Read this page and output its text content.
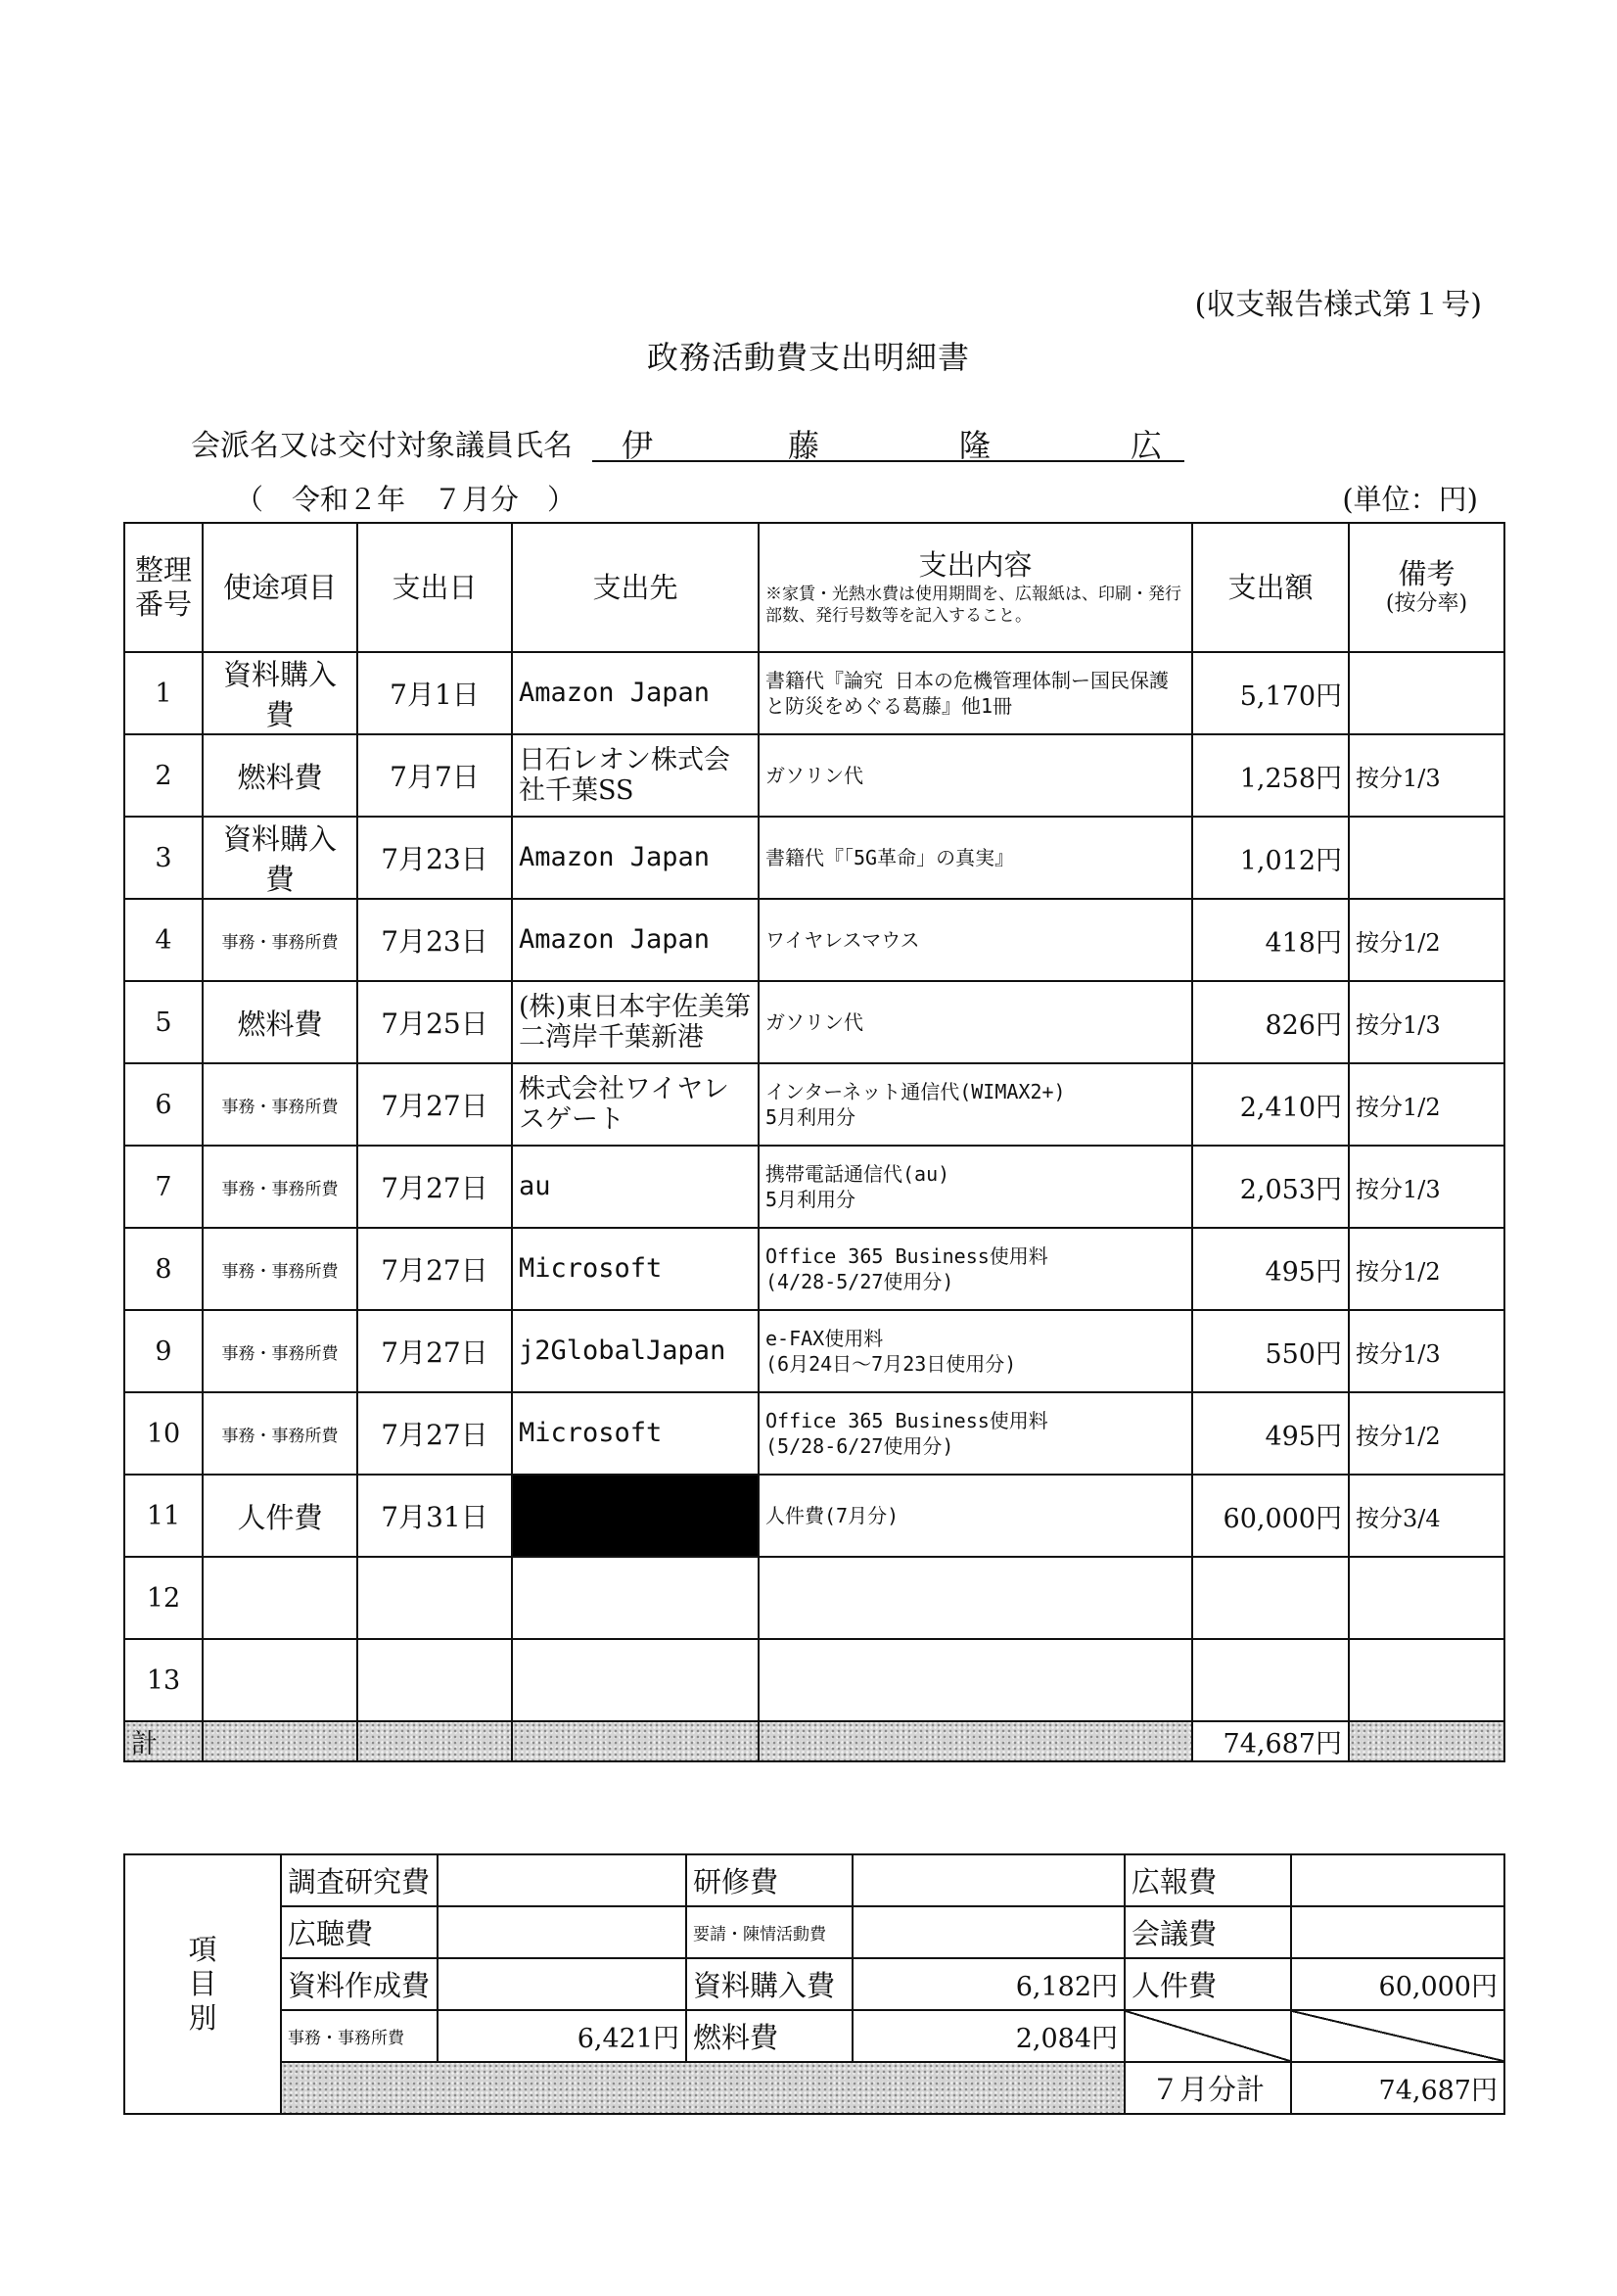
(収支報告様式第１号)
政務活動費支出明細書
会派名又は交付対象議員氏名 伊	藤	隆	広
（　令和２年　７月分　）	(単位：円)
整理番号	使途項目	支出日	支出先	支出内容
※家賃・光熱水費は使用期間を、広報紙は、印刷・発行部数、発行号数等を記入すること。	支出額	備考
(按分率)

1	資料購入費	7月1日	Amazon Japan	書籍代『論究 日本の危機管理体制ー国民保護と防災をめぐる葛藤』他1冊	5,170円	
2	燃料費	7月7日	日石レオン株式会社千葉SS	ガソリン代	1,258円	按分1/3
3	資料購入費	7月23日	Amazon Japan	書籍代『「5G革命」の真実』	1,012円	
4	事務・事務所費	7月23日	Amazon Japan	ワイヤレスマウス	418円	按分1/2
5	燃料費	7月25日	(株)東日本宇佐美第二湾岸千葉新港	ガソリン代	826円	按分1/3
6	事務・事務所費	7月27日	株式会社ワイヤレスゲート	インターネット通信代(WIMAX2+)
5月利用分	2,410円	按分1/2
7	事務・事務所費	7月27日	au	携帯電話通信代(au)
5月利用分	2,053円	按分1/3
8	事務・事務所費	7月27日	Microsoft	Office 365 Business使用料
(4/28-5/27使用分)	495円	按分1/2
9	事務・事務所費	7月27日	j2GlobalJapan	e-FAX使用料
(6月24日～7月23日使用分)	550円	按分1/3
10	事務・事務所費	7月27日	Microsoft	Office 365 Business使用料
(5/28-6/27使用分)	495円	按分1/2
11	人件費	7月31日		人件費(7月分)	60,000円	按分3/4
12						
13						
計					74,687円	
項目別	調査研究費		研修費		広報費	
	広聴費		要請・陳情活動費		会議費	
	資料作成費		資料購入費	6,182円	人件費	60,000円
	事務・事務所費	6,421円	燃料費	2,084円		
					７月分計	74,687円
